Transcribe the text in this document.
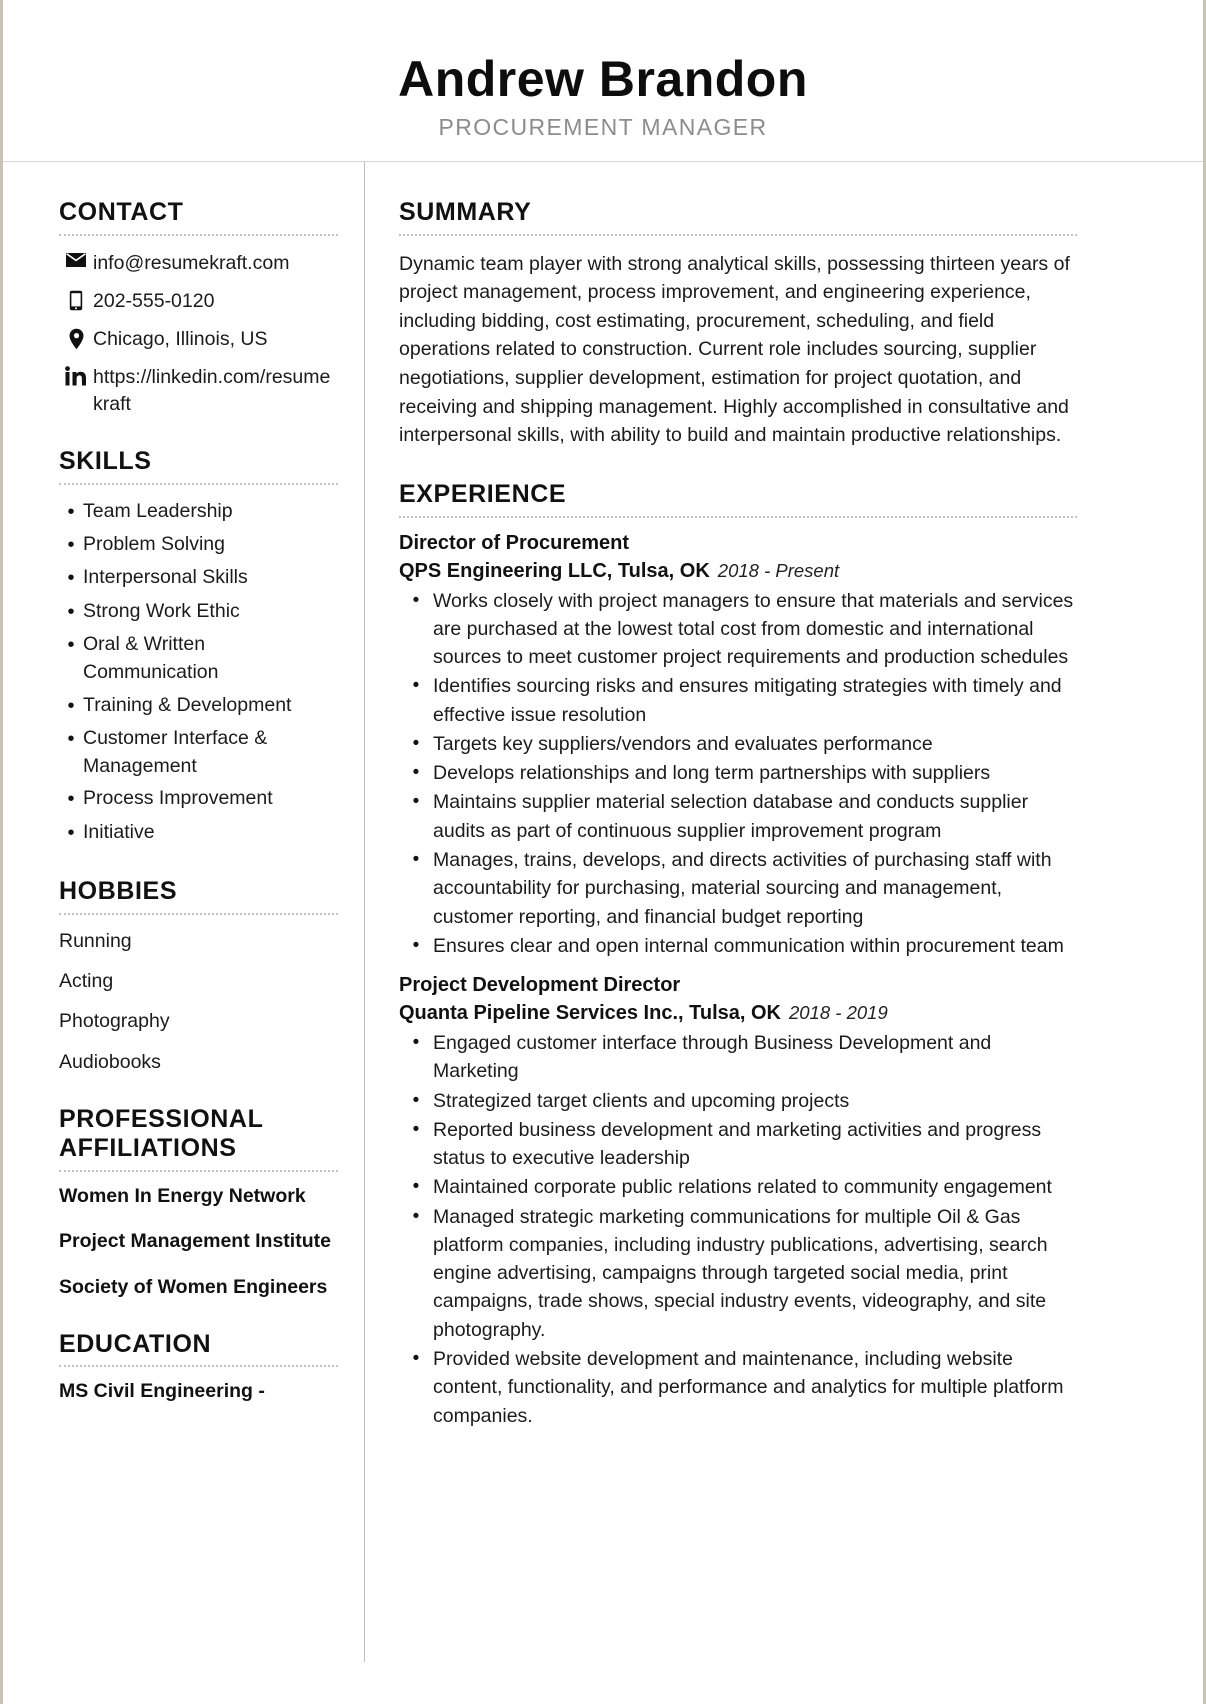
Andrew Brandon
PROCUREMENT MANAGER
CONTACT
info@resumekraft.com
202-555-0120
Chicago, Illinois, US
https://linkedin.com/resumekraft
SKILLS
• Team Leadership
• Problem Solving
• Interpersonal Skills
• Strong Work Ethic
• Oral & Written Communication
• Training & Development
• Customer Interface & Management
• Process Improvement
• Initiative
HOBBIES
Running
Acting
Photography
Audiobooks
PROFESSIONAL AFFILIATIONS
Women In Energy Network
Project Management Institute
Society of Women Engineers
EDUCATION
MS Civil Engineering -
SUMMARY
Dynamic team player with strong analytical skills, possessing thirteen years of project management, process improvement, and engineering experience, including bidding, cost estimating, procurement, scheduling, and field operations related to construction. Current role includes sourcing, supplier negotiations, supplier development, estimation for project quotation, and receiving and shipping management. Highly accomplished in consultative and interpersonal skills, with ability to build and maintain productive relationships.
EXPERIENCE
Director of Procurement
QPS Engineering LLC, Tulsa, OK 2018 - Present
• Works closely with project managers to ensure that materials and services are purchased at the lowest total cost from domestic and international sources to meet customer project requirements and production schedules
• Identifies sourcing risks and ensures mitigating strategies with timely and effective issue resolution
• Targets key suppliers/vendors and evaluates performance
• Develops relationships and long term partnerships with suppliers
• Maintains supplier material selection database and conducts supplier audits as part of continuous supplier improvement program
• Manages, trains, develops, and directs activities of purchasing staff with accountability for purchasing, material sourcing and management, customer reporting, and financial budget reporting
• Ensures clear and open internal communication within procurement team
Project Development Director
Quanta Pipeline Services Inc., Tulsa, OK 2018 - 2019
• Engaged customer interface through Business Development and Marketing
• Strategized target clients and upcoming projects
• Reported business development and marketing activities and progress status to executive leadership
• Maintained corporate public relations related to community engagement
• Managed strategic marketing communications for multiple Oil & Gas platform companies, including industry publications, advertising, search engine advertising, campaigns through targeted social media, print campaigns, trade shows, special industry events, videography, and site photography.
• Provided website development and maintenance, including website content, functionality, and performance and analytics for multiple platform companies.
